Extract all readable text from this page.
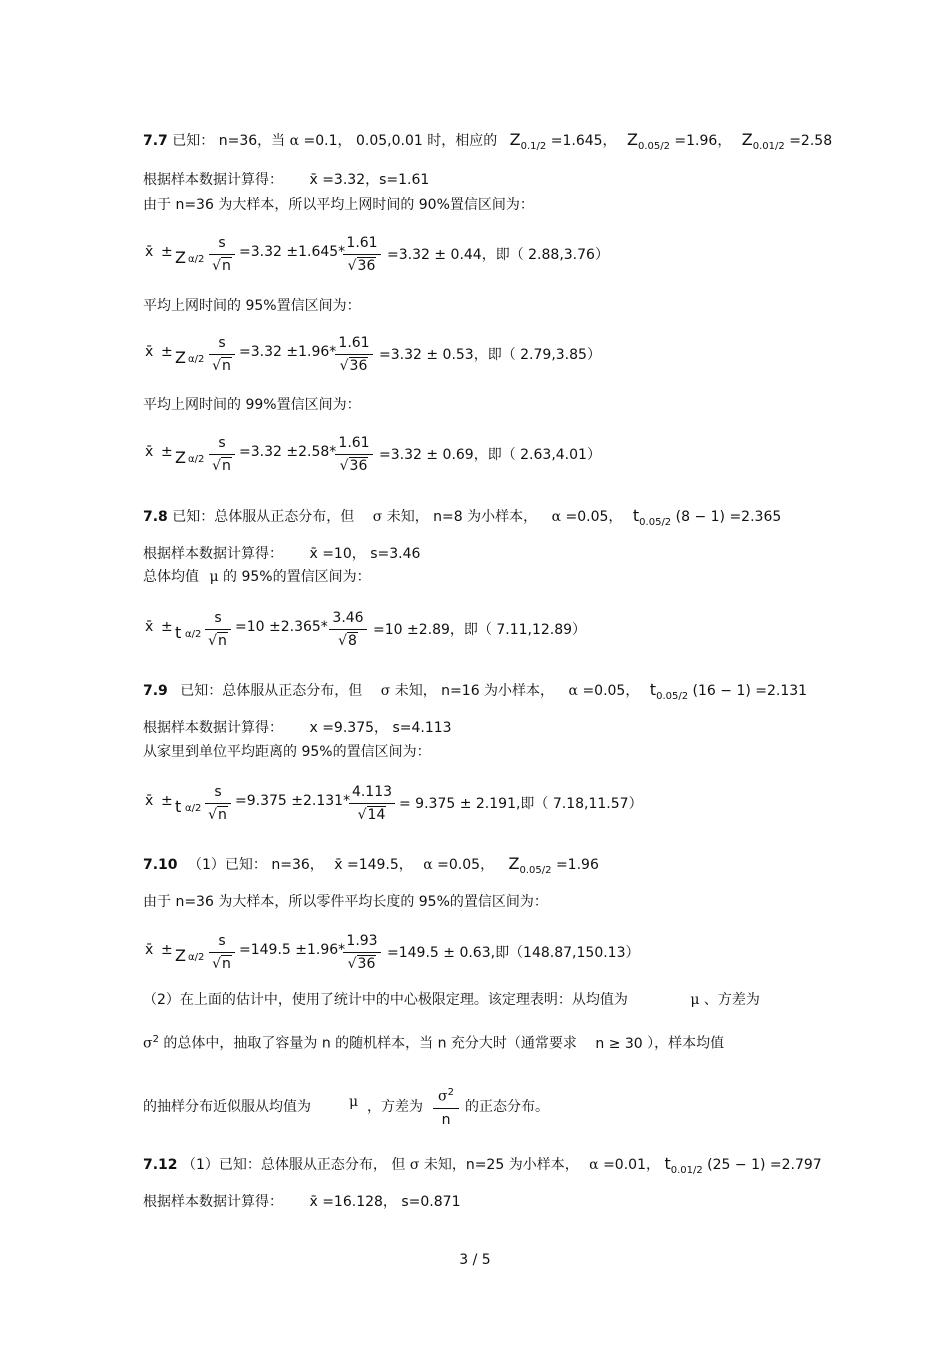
7.7 已知： n=36，当 α =0.1， 0.05,0.01 时，相应的 $Z_{0.1/2} =1.645$， $Z_{0.05/2} =1.96$， $Z_{0.01/2} =2.58$
根据样本数据计算得： x̄ =3.32，s=1.61
由于 n=36 为大样本，所以平均上网时间的 90%置信区间为：
x̄ ± Z α/2
s
√n
=3.32 ±1.645*
1.61
√36
=3.32 ± 0.44，即（ 2.88,3.76）
平均上网时间的 95%置信区间为：
x̄ ± Z α/2
s
√n
=3.32 ±1.96*
1.61
√36
=3.32 ± 0.53，即（ 2.79,3.85）
平均上网时间的 99%置信区间为：
x̄ ± Z α/2
s
√n
=3.32 ±2.58*
1.61
√36
=3.32 ± 0.69，即（ 2.63,4.01）
7.8 已知：总体服从正态分布，但 σ 未知， n=8 为小样本， α =0.05， $t_{0.05/2}$ (8 − 1) =2.365
根据样本数据计算得： x̄ =10， s=3.46
总体均值 μ 的 95%的置信区间为：
x̄ ± t α/2
s
√n
=10 ±2.365*
3.46
√8
=10 ±2.89，即（ 7.11,12.89）
7.9 已知：总体服从正态分布，但 σ 未知， n=16 为小样本， α =0.05， $t_{0.05/2}$ (16 − 1) =2.131
根据样本数据计算得： x =9.375， s=4.113
从家里到单位平均距离的 95%的置信区间为：
x̄ ± t α/2
s
√n
=9.375 ±2.131*
4.113
√14
= 9.375 ± 2.191,即（ 7.18,11.57）
7.10 （1）已知： n=36， x̄ =149.5， α =0.05， $Z_{0.05/2} =1.96$
由于 n=36 为大样本，所以零件平均长度的 95%的置信区间为：
x̄ ± Z α/2
s
√n
=149.5 ±1.96*
1.93
√36
=149.5 ± 0.63,即（148.87,150.13）
（2）在上面的估计中，使用了统计中的中心极限定理。该定理表明：从均值为	μ 、方差为
$\sigma^2$ 的总体中，抽取了容量为 n 的随机样本，当 n 充分大时（通常要求 n ≥ 30 ），样本均值
的抽样分布近似服从均值为	μ ，方差为
$\sigma^2$
n
的正态分布。
7.12 （1）已知：总体服从正态分布， 但 σ 未知，n=25 为小样本， α =0.01， $t_{0.01/2}$ (25 − 1) =2.797
根据样本数据计算得： x̄ =16.128， s=0.871
3 / 5
